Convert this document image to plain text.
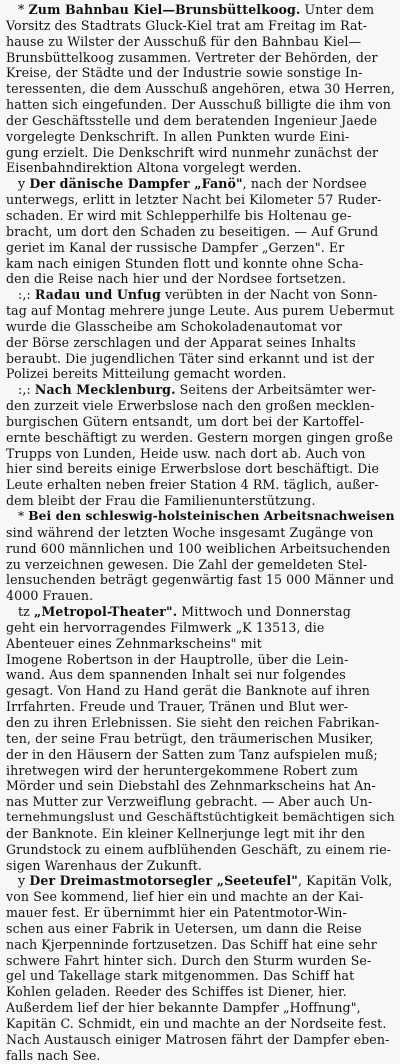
* Zum Bahnbau Kiel—Brunsbüttelkoog. Unter dem
Vorsitz des Stadtrats Gluck-Kiel trat am Freitag im Rat-
hause zu Wilster der Ausschuß für den Bahnbau Kiel—
Brunsbüttelkoog zusammen. Vertreter der Behörden, der
Kreise, der Städte und der Industrie sowie sonstige In-
teressenten, die dem Ausschuß angehören, etwa 30 Herren,
hatten sich eingefunden. Der Ausschuß billigte die ihm von
der Geschäftsstelle und dem beratenden Ingenieur Jaede
vorgelegte Denkschrift. In allen Punkten wurde Eini-
gung erzielt. Die Denkschrift wird nunmehr zunächst der
Eisenbahndirektion Altona vorgelegt werden.
y Der dänische Dampfer „Fanö", nach der Nordsee
unterwegs, erlitt in letzter Nacht bei Kilometer 57 Ruder-
schaden. Er wird mit Schlepperhilfe bis Holtenau ge-
bracht, um dort den Schaden zu beseitigen. — Auf Grund
geriet im Kanal der russische Dampfer „Gerzen". Er
kam nach einigen Stunden flott und konnte ohne Scha-
den die Reise nach hier und der Nordsee fortsetzen.
:,: Radau und Unfug verübten in der Nacht von Sonn-
tag auf Montag mehrere junge Leute. Aus purem Uebermut
wurde die Glasscheibe am Schokoladenautomat vor
der Börse zerschlagen und der Apparat seines Inhalts
beraubt. Die jugendlichen Täter sind erkannt und ist der
Polizei bereits Mitteilung gemacht worden.
:,: Nach Mecklenburg. Seitens der Arbeitsämter wer-
den zurzeit viele Erwerbslose nach den großen mecklen-
burgischen Gütern entsandt, um dort bei der Kartoffel-
ernte beschäftigt zu werden. Gestern morgen gingen große
Trupps von Lunden, Heide usw. nach dort ab. Auch von
hier sind bereits einige Erwerbslose dort beschäftigt. Die
Leute erhalten neben freier Station 4 RM. täglich, außer-
dem bleibt der Frau die Familienunterstützung.
* Bei den schleswig-holsteinischen Arbeitsnachweisen
sind während der letzten Woche insgesamt Zugänge von
rund 600 männlichen und 100 weiblichen Arbeitsuchenden
zu verzeichnen gewesen. Die Zahl der gemeldeten Stel-
lensuchenden beträgt gegenwärtig fast 15 000 Männer und
4000 Frauen.
tz „Metropol-Theater". Mittwoch und Donnerstag
geht ein hervorragendes Filmwerk „K 13513, die
Abenteuer eines Zehnmarkscheins" mit
Imogene Robertson in der Hauptrolle, über die Lein-
wand. Aus dem spannenden Inhalt sei nur folgendes
gesagt. Von Hand zu Hand gerät die Banknote auf ihren
Irrfahrten. Freude und Trauer, Tränen und Blut wer-
den zu ihren Erlebnissen. Sie sieht den reichen Fabrikan-
ten, der seine Frau betrügt, den träumerischen Musiker,
der in den Häusern der Satten zum Tanz aufspielen muß;
ihretwegen wird der heruntergekommene Robert zum
Mörder und sein Diebstahl des Zehnmarkscheins hat An-
nas Mutter zur Verzweiflung gebracht. — Aber auch Un-
ternehmungslust und Geschäftstüchtigkeit bemächtigen sich
der Banknote. Ein kleiner Kellnerjunge legt mit ihr den
Grundstock zu einem aufblühenden Geschäft, zu einem rie-
sigen Warenhaus der Zukunft.
y Der Dreimastmotorsegler „Seeteufel", Kapitän Volk,
von See kommend, lief hier ein und machte an der Kai-
mauer fest. Er übernimmt hier ein Patentmotor-Win-
schen aus einer Fabrik in Uetersen, um dann die Reise
nach Kjerpenninde fortzusetzen. Das Schiff hat eine sehr
schwere Fahrt hinter sich. Durch den Sturm wurden Se-
gel und Takellage stark mitgenommen. Das Schiff hat
Kohlen geladen. Reeder des Schiffes ist Diener, hier.
Außerdem lief der hier bekannte Dampfer „Hoffnung",
Kapitän C. Schmidt, ein und machte an der Nordseite fest.
Nach Austausch einiger Matrosen fährt der Dampfer eben-
falls nach See.
